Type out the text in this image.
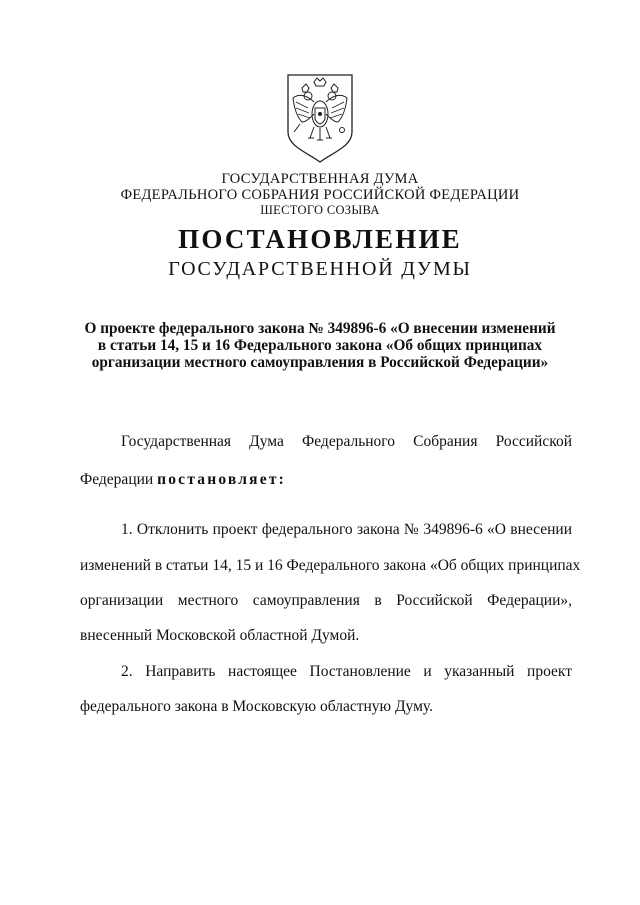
ГОСУДАРСТВЕННАЯ ДУМА
ФЕДЕРАЛЬНОГО СОБРАНИЯ РОССИЙСКОЙ ФЕДЕРАЦИИ
ШЕСТОГО СОЗЫВА
ПОСТАНОВЛЕНИЕ
ГОСУДАРСТВЕННОЙ ДУМЫ
О проекте федерального закона № 349896-6 «О внесении изменений
в статьи 14, 15 и 16 Федерального закона «Об общих принципах
организации местного самоуправления в Российской Федерации»
Государственная Дума Федерального Собрания Российской
Федерации постановляет:
1. Отклонить проект федерального закона № 349896-6 «О внесении
изменений в статьи 14, 15 и 16 Федерального закона «Об общих принципах
организации местного самоуправления в Российской Федерации»,
внесенный Московской областной Думой.
2. Направить настоящее Постановление и указанный проект
федерального закона в Московскую областную Думу.
